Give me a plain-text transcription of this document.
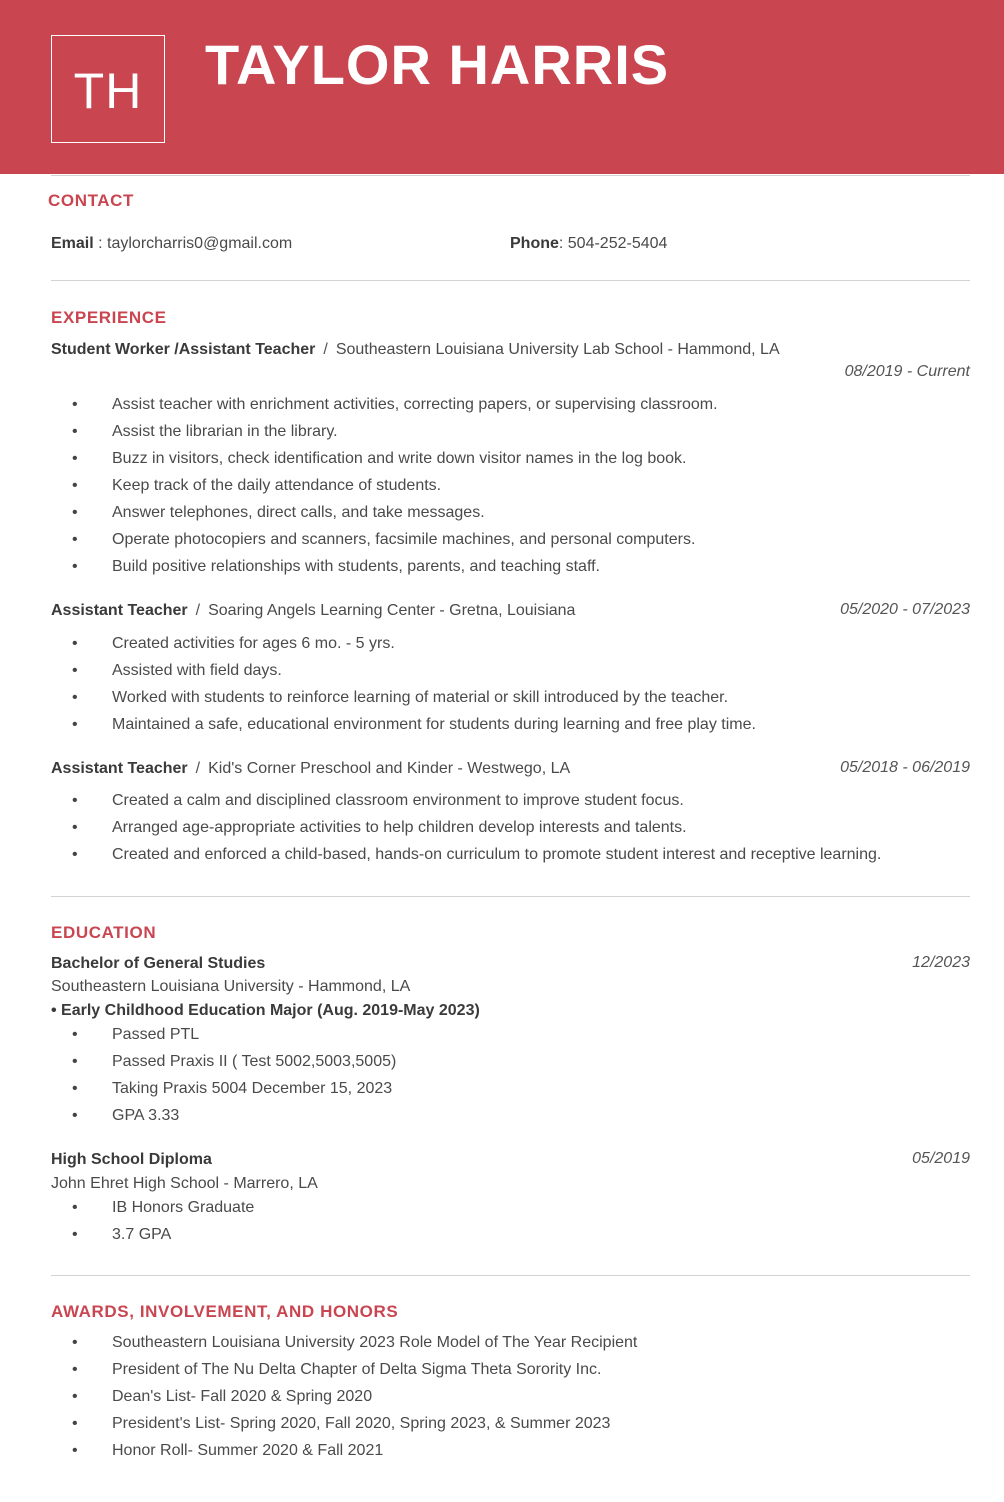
TH	TAYLOR HARRIS
CONTACT
Email : taylorcharris0@gmail.com	Phone: 504-252-5404
EXPERIENCE
Student Worker /Assistant Teacher / Southeastern Louisiana University Lab School - Hammond, LA
08/2019 - Current
• Assist teacher with enrichment activities, correcting papers, or supervising classroom.
• Assist the librarian in the library.
• Buzz in visitors, check identification and write down visitor names in the log book.
• Keep track of the daily attendance of students.
• Answer telephones, direct calls, and take messages.
• Operate photocopiers and scanners, facsimile machines, and personal computers.
• Build positive relationships with students, parents, and teaching staff.
Assistant Teacher / Soaring Angels Learning Center - Gretna, Louisiana	05/2020 - 07/2023
• Created activities for ages 6 mo. - 5 yrs.
• Assisted with field days.
• Worked with students to reinforce learning of material or skill introduced by the teacher.
• Maintained a safe, educational environment for students during learning and free play time.
Assistant Teacher / Kid's Corner Preschool and Kinder - Westwego, LA	05/2018 - 06/2019
• Created a calm and disciplined classroom environment to improve student focus.
• Arranged age-appropriate activities to help children develop interests and talents.
• Created and enforced a child-based, hands-on curriculum to promote student interest and receptive learning.
EDUCATION
Bachelor of General Studies	12/2023
Southeastern Louisiana University - Hammond, LA
• Early Childhood Education Major (Aug. 2019-May 2023)
• Passed PTL
• Passed Praxis II ( Test 5002,5003,5005)
• Taking Praxis 5004 December 15, 2023
• GPA 3.33
High School Diploma	05/2019
John Ehret High School - Marrero, LA
• IB Honors Graduate
• 3.7 GPA
AWARDS, INVOLVEMENT, AND HONORS
• Southeastern Louisiana University 2023 Role Model of The Year Recipient
• President of The Nu Delta Chapter of Delta Sigma Theta Sorority Inc.
• Dean's List- Fall 2020 & Spring 2020
• President's List- Spring 2020, Fall 2020, Spring 2023, & Summer 2023
• Honor Roll- Summer 2020 & Fall 2021
